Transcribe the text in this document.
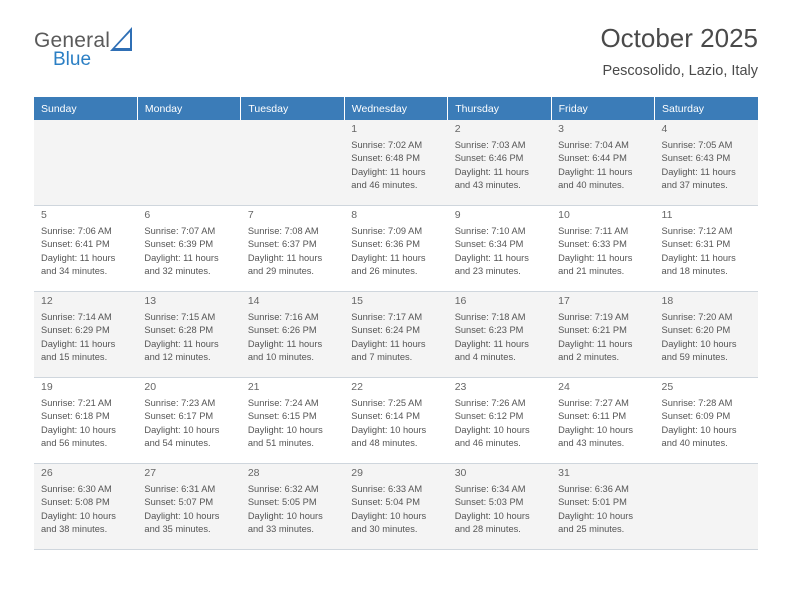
General
Blue
October 2025

Pescosolido, Lazio, Italy

Sunday	Monday	Tuesday	Wednesday	Thursday	Friday	Saturday

			1
Sunrise: 7:02 AM
Sunset: 6:48 PM
Daylight: 11 hours
and 46 minutes.	2
Sunrise: 7:03 AM
Sunset: 6:46 PM
Daylight: 11 hours
and 43 minutes.	3
Sunrise: 7:04 AM
Sunset: 6:44 PM
Daylight: 11 hours
and 40 minutes.	4
Sunrise: 7:05 AM
Sunset: 6:43 PM
Daylight: 11 hours
and 37 minutes.

5
Sunrise: 7:06 AM
Sunset: 6:41 PM
Daylight: 11 hours
and 34 minutes.	6
Sunrise: 7:07 AM
Sunset: 6:39 PM
Daylight: 11 hours
and 32 minutes.	7
Sunrise: 7:08 AM
Sunset: 6:37 PM
Daylight: 11 hours
and 29 minutes.	8
Sunrise: 7:09 AM
Sunset: 6:36 PM
Daylight: 11 hours
and 26 minutes.	9
Sunrise: 7:10 AM
Sunset: 6:34 PM
Daylight: 11 hours
and 23 minutes.	10
Sunrise: 7:11 AM
Sunset: 6:33 PM
Daylight: 11 hours
and 21 minutes.	11
Sunrise: 7:12 AM
Sunset: 6:31 PM
Daylight: 11 hours
and 18 minutes.

12
Sunrise: 7:14 AM
Sunset: 6:29 PM
Daylight: 11 hours
and 15 minutes.	13
Sunrise: 7:15 AM
Sunset: 6:28 PM
Daylight: 11 hours
and 12 minutes.	14
Sunrise: 7:16 AM
Sunset: 6:26 PM
Daylight: 11 hours
and 10 minutes.	15
Sunrise: 7:17 AM
Sunset: 6:24 PM
Daylight: 11 hours
and 7 minutes.	16
Sunrise: 7:18 AM
Sunset: 6:23 PM
Daylight: 11 hours
and 4 minutes.	17
Sunrise: 7:19 AM
Sunset: 6:21 PM
Daylight: 11 hours
and 2 minutes.	18
Sunrise: 7:20 AM
Sunset: 6:20 PM
Daylight: 10 hours
and 59 minutes.

19
Sunrise: 7:21 AM
Sunset: 6:18 PM
Daylight: 10 hours
and 56 minutes.	20
Sunrise: 7:23 AM
Sunset: 6:17 PM
Daylight: 10 hours
and 54 minutes.	21
Sunrise: 7:24 AM
Sunset: 6:15 PM
Daylight: 10 hours
and 51 minutes.	22
Sunrise: 7:25 AM
Sunset: 6:14 PM
Daylight: 10 hours
and 48 minutes.	23
Sunrise: 7:26 AM
Sunset: 6:12 PM
Daylight: 10 hours
and 46 minutes.	24
Sunrise: 7:27 AM
Sunset: 6:11 PM
Daylight: 10 hours
and 43 minutes.	25
Sunrise: 7:28 AM
Sunset: 6:09 PM
Daylight: 10 hours
and 40 minutes.

26
Sunrise: 6:30 AM
Sunset: 5:08 PM
Daylight: 10 hours
and 38 minutes.	27
Sunrise: 6:31 AM
Sunset: 5:07 PM
Daylight: 10 hours
and 35 minutes.	28
Sunrise: 6:32 AM
Sunset: 5:05 PM
Daylight: 10 hours
and 33 minutes.	29
Sunrise: 6:33 AM
Sunset: 5:04 PM
Daylight: 10 hours
and 30 minutes.	30
Sunrise: 6:34 AM
Sunset: 5:03 PM
Daylight: 10 hours
and 28 minutes.	31
Sunrise: 6:36 AM
Sunset: 5:01 PM
Daylight: 10 hours
and 25 minutes.	
